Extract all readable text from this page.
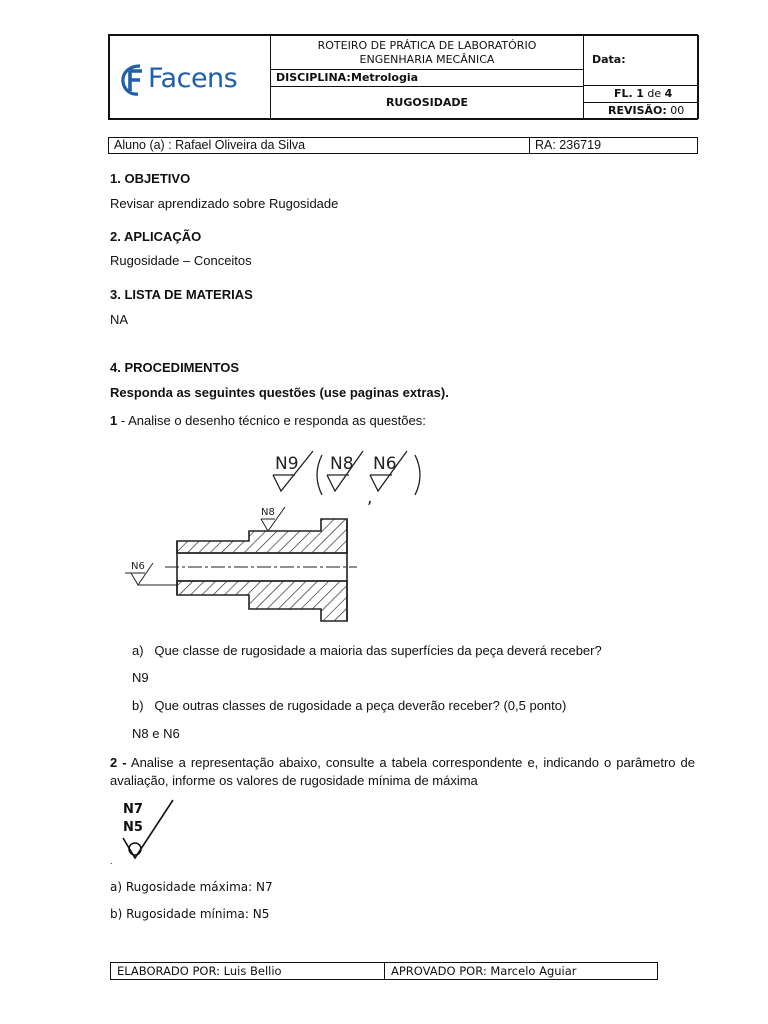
Facens
ROTEIRO DE PRÁTICA DE LABORATÓRIO
ENGENHARIA MECÂNICA	Data:
DISCIPLINA: Metrologia
RUGOSIDADE
FL. 1 de 4
REVISÃO: 00
Aluno (a) : Rafael Oliveira da Silva	RA: 236719
1. OBJETIVO
Revisar aprendizado sobre Rugosidade
2. APLICAÇÃO
Rugosidade – Conceitos
3. LISTA DE MATERIAS
NA
4. PROCEDIMENTOS
Responda as seguintes questões (use paginas extras).
1 - Analise o desenho técnico e responda as questões:
N9 N8 N6
,
N8
N6
a) Que classe de rugosidade a maioria das superfícies da peça deverá receber?
N9
b) Que outras classes de rugosidade a peça deverão receber? (0,5 ponto)
N8 e N6
2 - Analise a representação abaixo, consulte a tabela correspondente e, indicando o parâmetro de avaliação, informe os valores de rugosidade mínima de máxima
N7
N5
.
a) Rugosidade máxima: N7
b) Rugosidade mínima: N5
ELABORADO POR: Luis Bellio	APROVADO POR: Marcelo Aguiar
